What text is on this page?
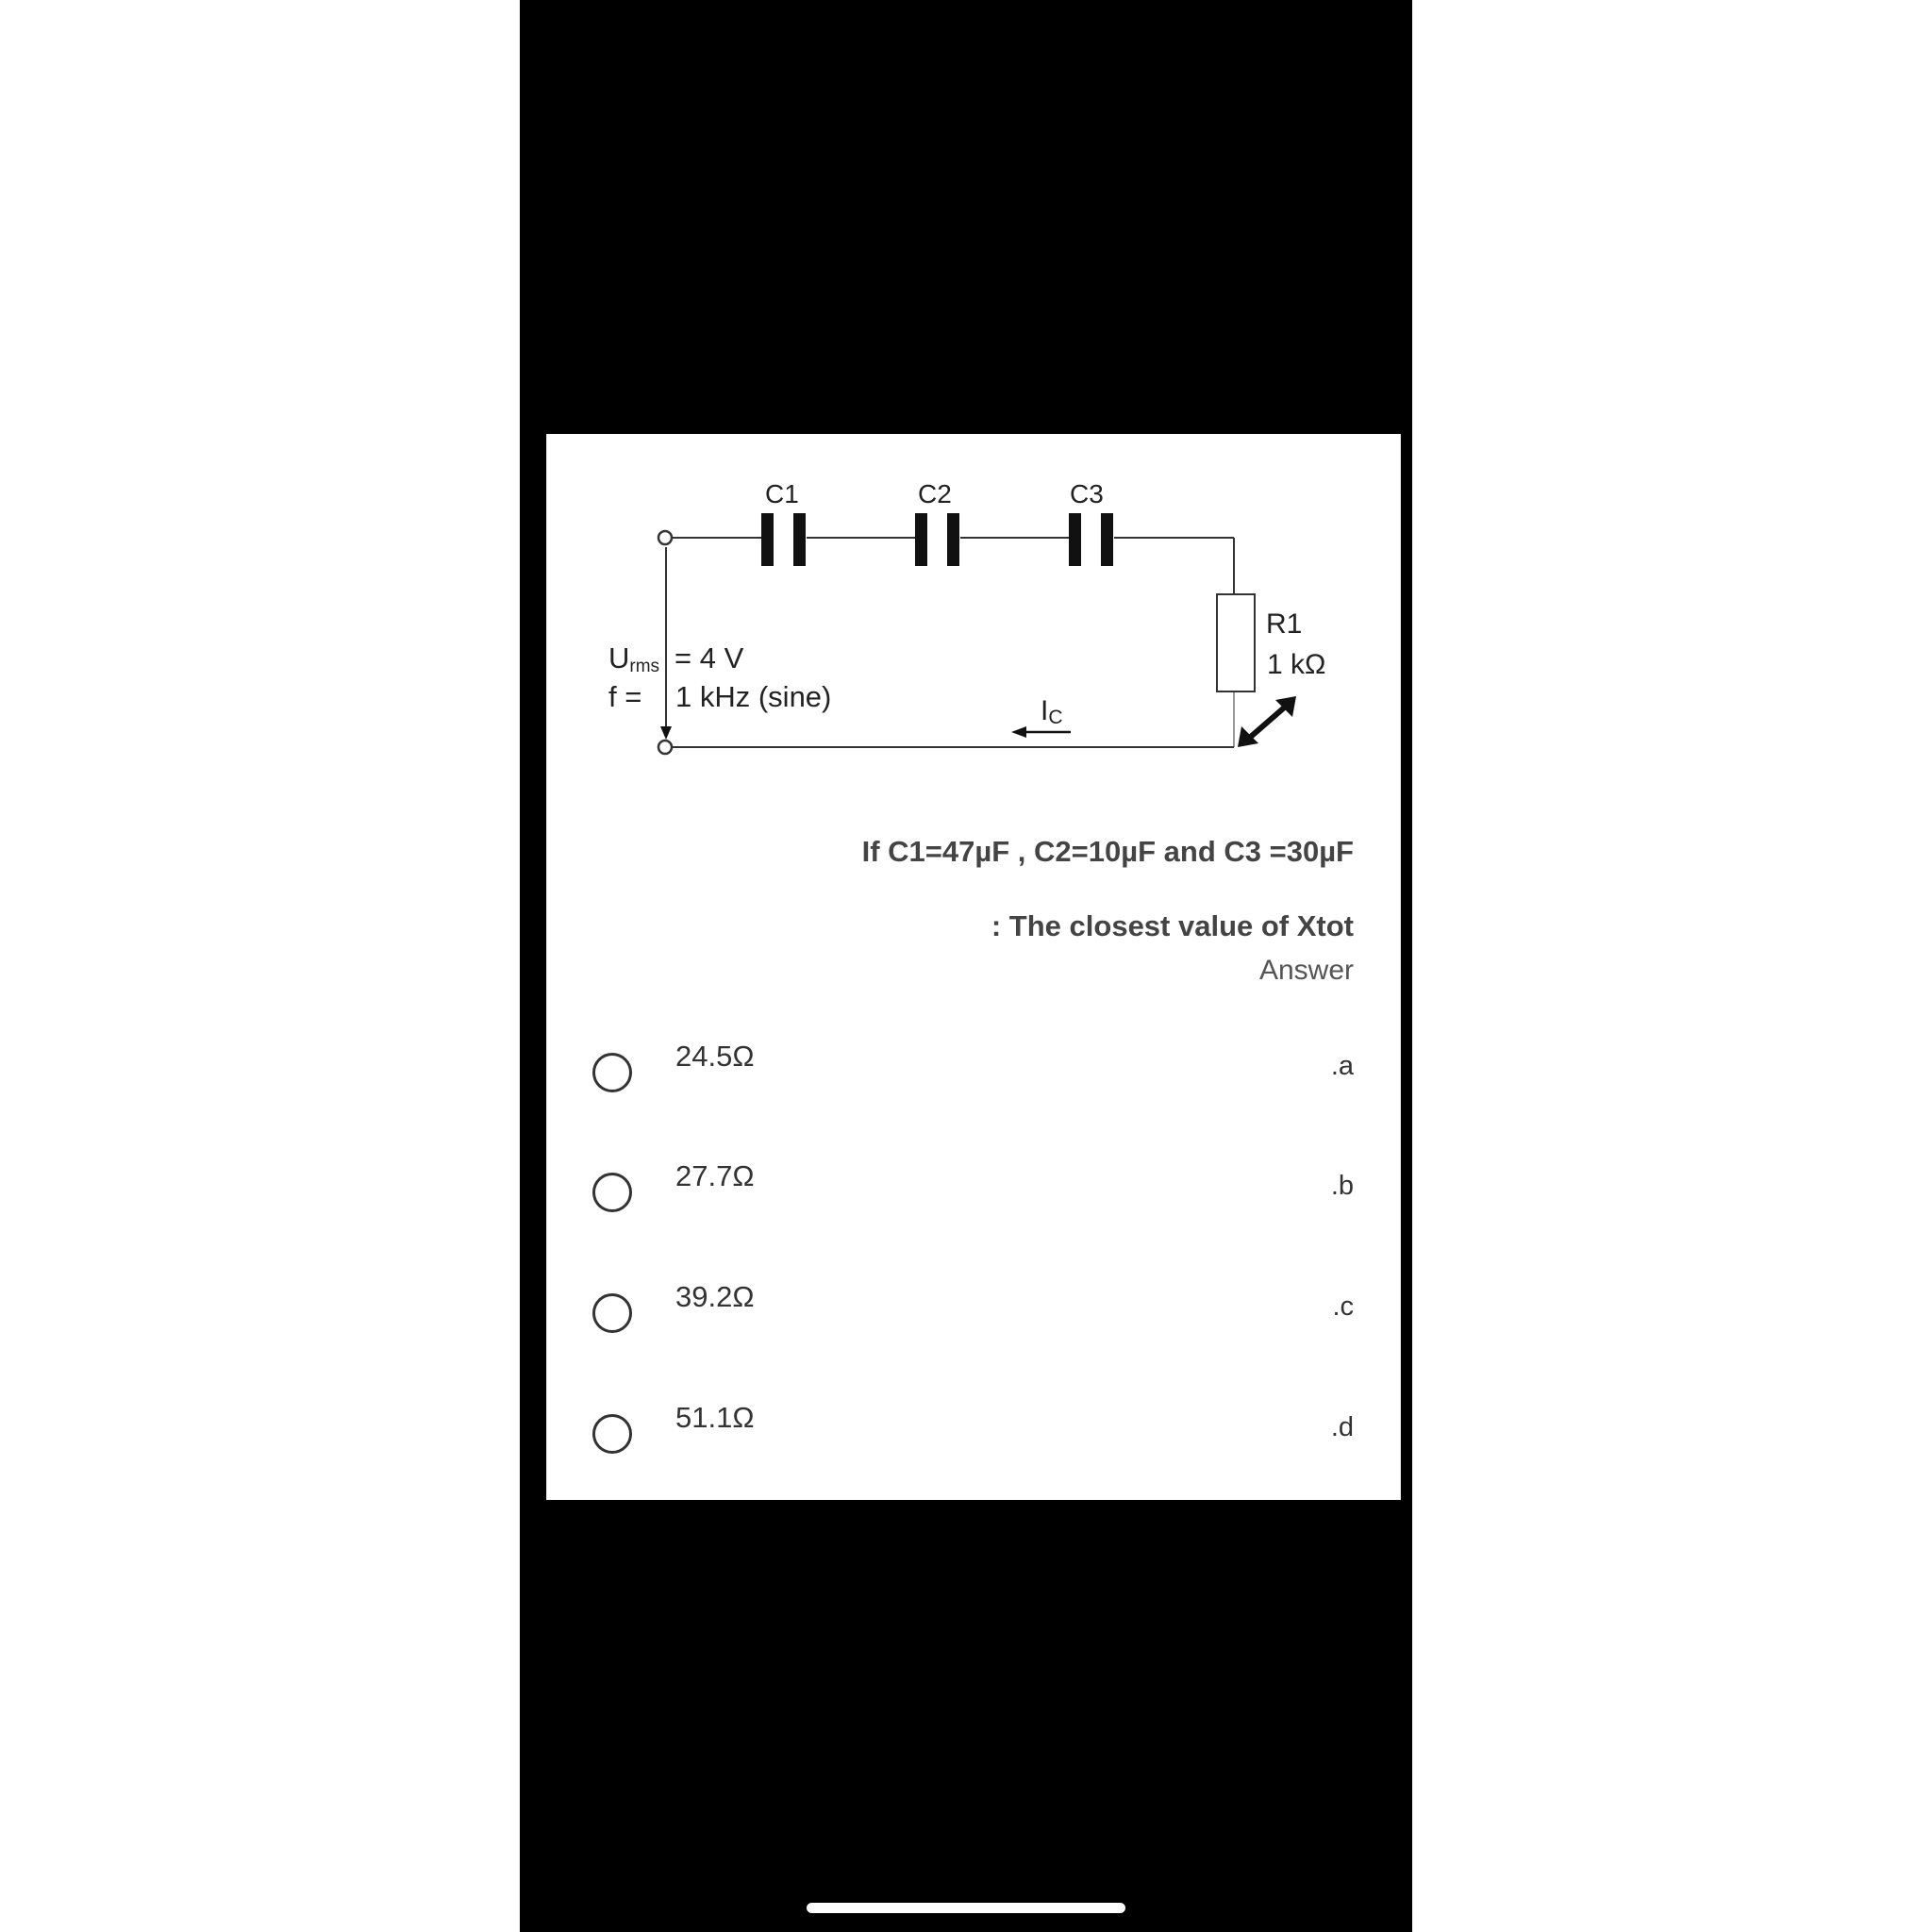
C1	C2	C3
R1
1 kΩ
Urms = 4 V
f = 1 kHz (sine)	IC
If C1=47µF , C2=10µF and C3 =30µF
: The closest value of Xtot
Answer
24.5Ω	.a
27.7Ω	.b
39.2Ω	.c
51.1Ω	.d
